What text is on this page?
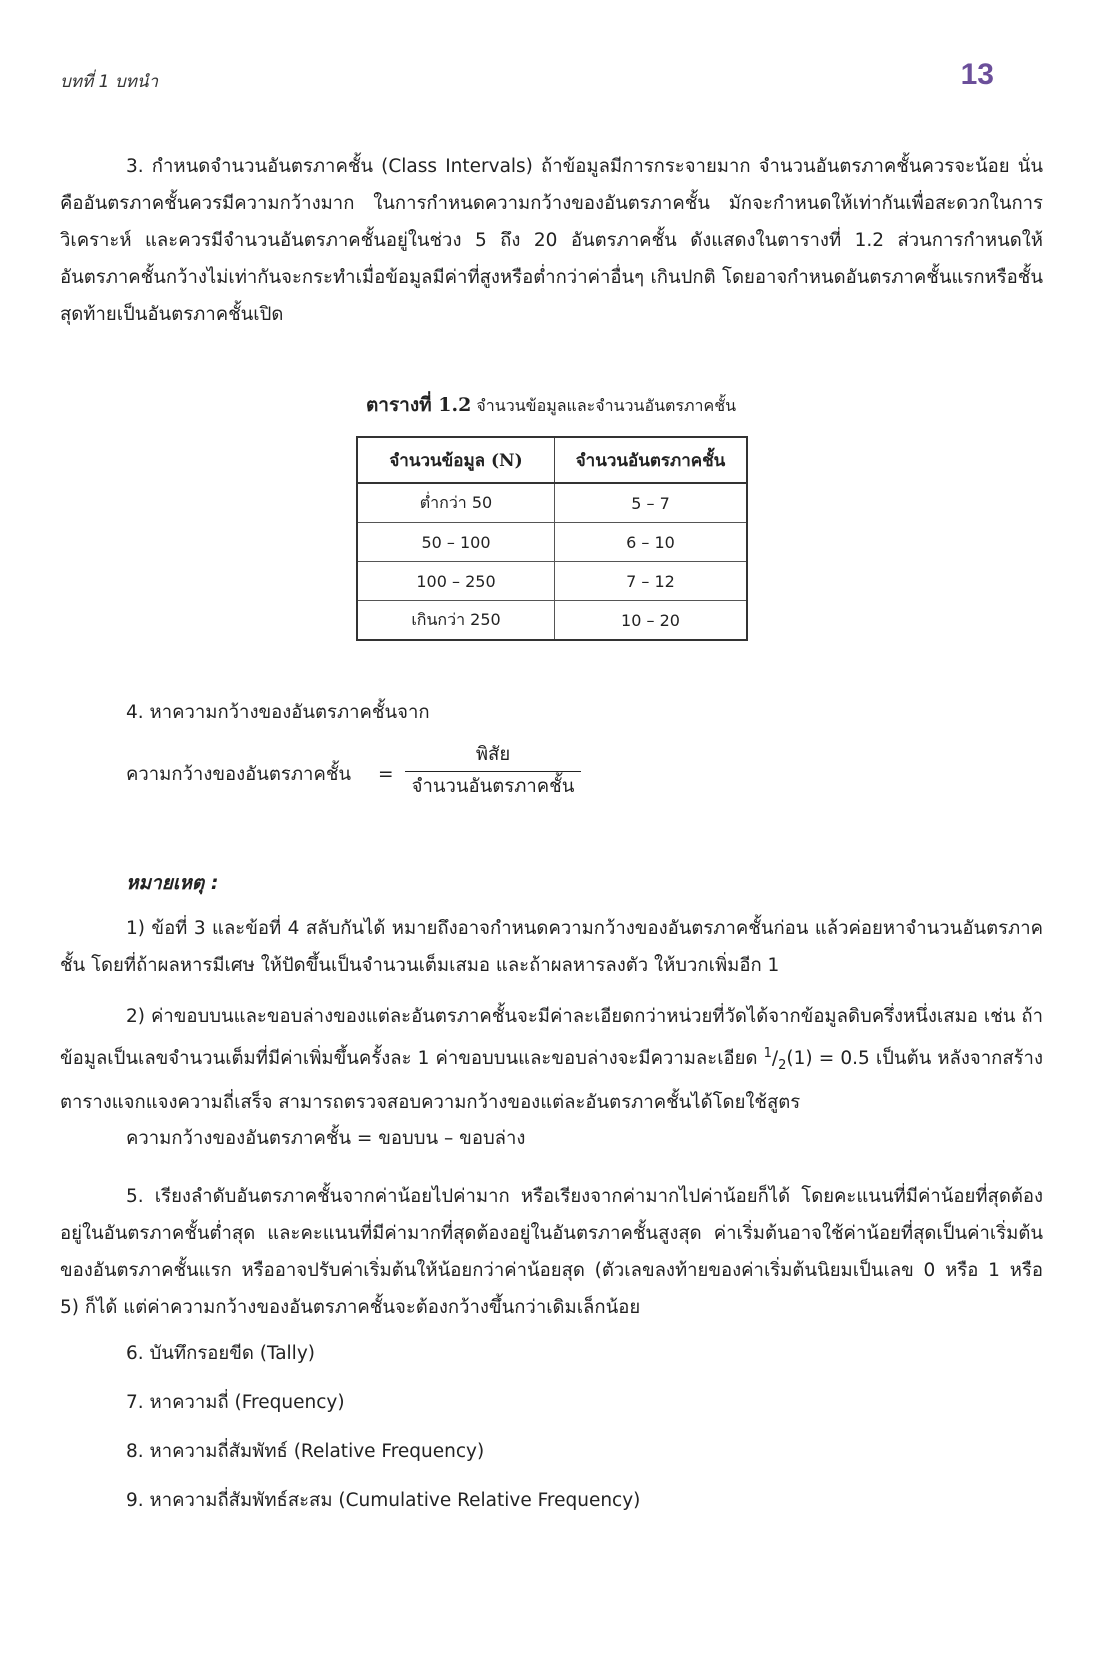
บทที่ 1 บทนำ	13

3. กำหนดจำนวนอันตรภาคชั้น (Class Intervals) ถ้าข้อมูลมีการกระจายมาก จำนวนอันตรภาคชั้นควรจะน้อย นั่นคืออันตรภาคชั้นควรมีความกว้างมาก ในการกำหนดความกว้างของอันตรภาคชั้น มักจะกำหนดให้เท่ากันเพื่อสะดวกในการวิเคราะห์ และควรมีจำนวนอันตรภาคชั้นอยู่ในช่วง 5 ถึง 20 อันตรภาคชั้น ดังแสดงในตารางที่ 1.2 ส่วนการกำหนดให้อันตรภาคชั้นกว้างไม่เท่ากันจะกระทำเมื่อข้อมูลมีค่าที่สูงหรือต่ำกว่าค่าอื่นๆ เกินปกติ โดยอาจกำหนดอันตรภาคชั้นแรกหรือชั้นสุดท้ายเป็นอันตรภาคชั้นเปิด

ตารางที่ 1.2 จำนวนข้อมูลและจำนวนอันตรภาคชั้น
จำนวนข้อมูล (N)	จำนวนอันตรภาคชั้น
ต่ำกว่า 50	5 – 7
50 – 100	6 – 10
100 – 250	7 – 12
เกินกว่า 250	10 – 20
4. หาความกว้างของอันตรภาคชั้นจาก
ความกว้างของอันตรภาคชั้น =
พิสัย
จำนวนอันตรภาคชั้น
หมายเหตุ :

1) ข้อที่ 3 และข้อที่ 4 สลับกันได้ หมายถึงอาจกำหนดความกว้างของอันตรภาคชั้นก่อน แล้วค่อยหาจำนวนอันตรภาคชั้น โดยที่ถ้าผลหารมีเศษ ให้ปัดขึ้นเป็นจำนวนเต็มเสมอ และถ้าผลหารลงตัว ให้บวกเพิ่มอีก 1

2) ค่าขอบบนและขอบล่างของแต่ละอันตรภาคชั้นจะมีค่าละเอียดกว่าหน่วยที่วัดได้จากข้อมูลดิบครึ่งหนึ่งเสมอ เช่น ถ้าข้อมูลเป็นเลขจำนวนเต็มที่มีค่าเพิ่มขึ้นครั้งละ 1 ค่าขอบบนและขอบล่างจะมีความละเอียด $^1/_2(1) = 0.5$ เป็นต้น หลังจากสร้างตารางแจกแจงความถี่เสร็จ สามารถตรวจสอบความกว้างของแต่ละอันตรภาคชั้นได้โดยใช้สูตร

ความกว้างของอันตรภาคชั้น = ขอบบน – ขอบล่าง

5. เรียงลำดับอันตรภาคชั้นจากค่าน้อยไปค่ามาก หรือเรียงจากค่ามากไปค่าน้อยก็ได้ โดยคะแนนที่มีค่าน้อยที่สุดต้องอยู่ในอันตรภาคชั้นต่ำสุด และคะแนนที่มีค่ามากที่สุดต้องอยู่ในอันตรภาคชั้นสูงสุด ค่าเริ่มต้นอาจใช้ค่าน้อยที่สุดเป็นค่าเริ่มต้นของอันตรภาคชั้นแรก หรืออาจปรับค่าเริ่มต้นให้น้อยกว่าค่าน้อยสุด (ตัวเลขลงท้ายของค่าเริ่มต้นนิยมเป็นเลข 0 หรือ 1 หรือ 5) ก็ได้ แต่ค่าความกว้างของอันตรภาคชั้นจะต้องกว้างขึ้นกว่าเดิมเล็กน้อย

6. บันทึกรอยขีด (Tally)
7. หาความถี่ (Frequency)
8. หาความถี่สัมพัทธ์ (Relative Frequency)
9. หาความถี่สัมพัทธ์สะสม (Cumulative Relative Frequency)
